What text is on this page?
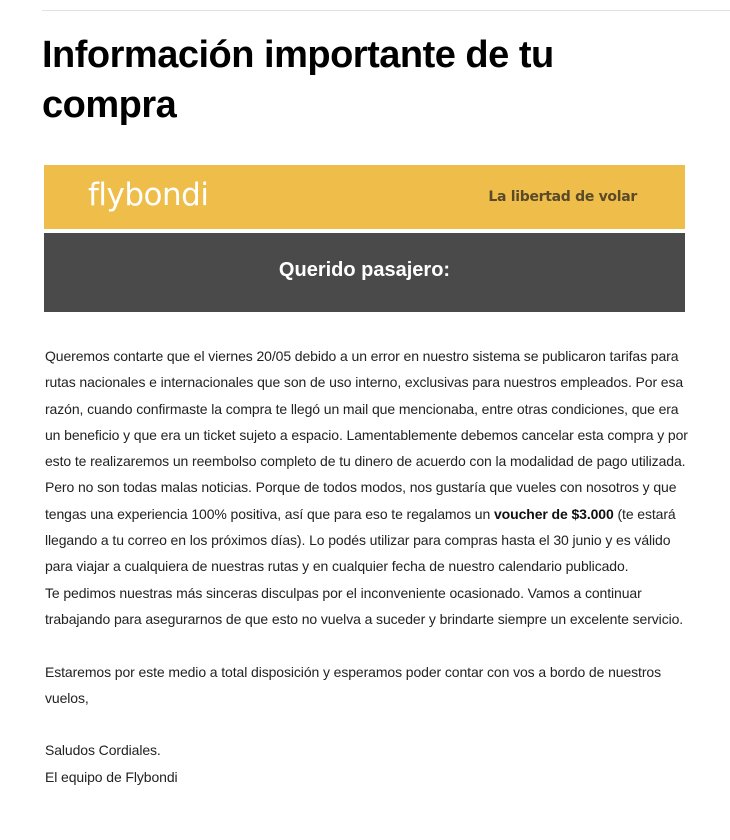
Información importante de tu compra
flybondi	La libertad de volar
Querido pasajero:

Queremos contarte que el viernes 20/05 debido a un error en nuestro sistema se publicaron tarifas para rutas nacionales e internacionales que son de uso interno, exclusivas para nuestros empleados. Por esa razón, cuando confirmaste la compra te llegó un mail que mencionaba, entre otras condiciones, que era un beneficio y que era un ticket sujeto a espacio. Lamentablemente debemos cancelar esta compra y por esto te realizaremos un reembolso completo de tu dinero de acuerdo con la modalidad de pago utilizada.

Pero no son todas malas noticias. Porque de todos modos, nos gustaría que vueles con nosotros y que tengas una experiencia 100% positiva, así que para eso te regalamos un voucher de $3.000 (te estará llegando a tu correo en los próximos días). Lo podés utilizar para compras hasta el 30 junio y es válido para viajar a cualquiera de nuestras rutas y en cualquier fecha de nuestro calendario publicado.

Te pedimos nuestras más sinceras disculpas por el inconveniente ocasionado. Vamos a continuar trabajando para asegurarnos de que esto no vuelva a suceder y brindarte siempre un excelente servicio.

Estaremos por este medio a total disposición y esperamos poder contar con vos a bordo de nuestros vuelos,

Saludos Cordiales.

El equipo de Flybondi
